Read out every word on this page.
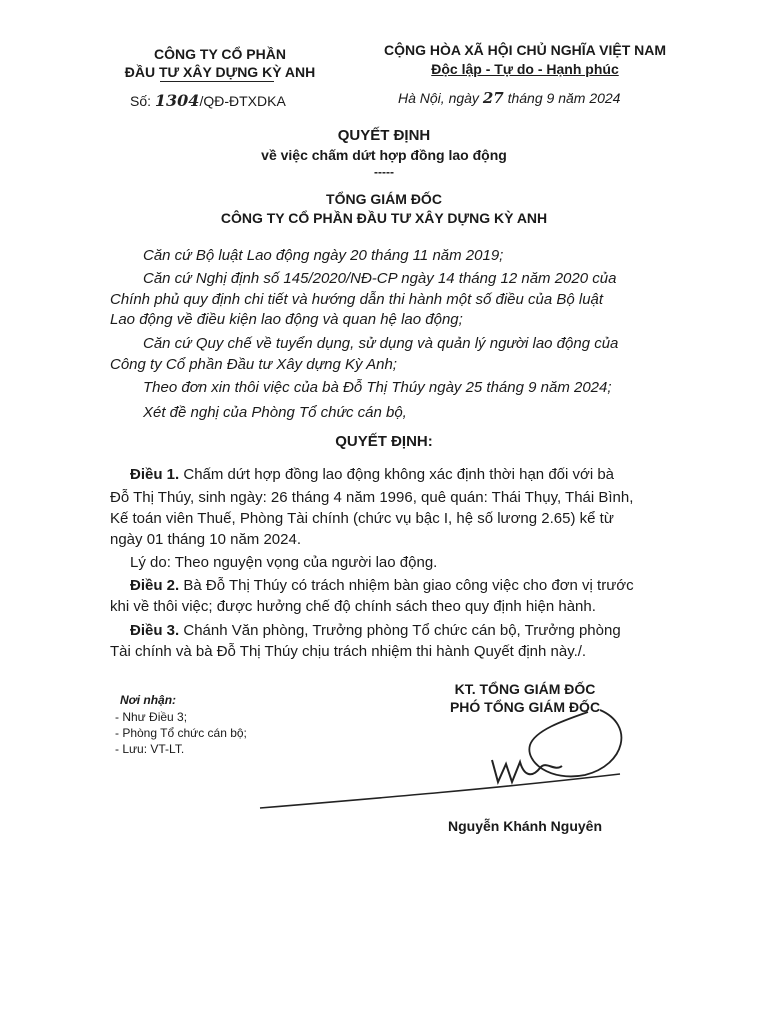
CÔNG TY CỔ PHẦN
ĐẦU TƯ XÂY DỰNG KỲ ANH
Số: 1304/QĐ-ĐTXDKA
CỘNG HÒA XÃ HỘI CHỦ NGHĨA VIỆT NAM
Độc lập - Tự do - Hạnh phúc
Hà Nội, ngày 27 tháng 9 năm 2024
QUYẾT ĐỊNH
về việc chấm dứt hợp đồng lao động
-----
TỔNG GIÁM ĐỐC
CÔNG TY CỔ PHẦN ĐẦU TƯ XÂY DỰNG KỲ ANH
Căn cứ Bộ luật Lao động ngày 20 tháng 11 năm 2019;
Căn cứ Nghị định số 145/2020/NĐ-CP ngày 14 tháng 12 năm 2020 của
Chính phủ quy định chi tiết và hướng dẫn thi hành một số điều của Bộ luật
Lao động về điều kiện lao động và quan hệ lao động;
Căn cứ Quy chế về tuyển dụng, sử dụng và quản lý người lao động của
Công ty Cổ phần Đầu tư Xây dựng Kỳ Anh;
Theo đơn xin thôi việc của bà Đỗ Thị Thúy ngày 25 tháng 9 năm 2024;
Xét đề nghị của Phòng Tổ chức cán bộ,
QUYẾT ĐỊNH:
Điều 1. Chấm dứt hợp đồng lao động không xác định thời hạn đối với bà
Đỗ Thị Thúy, sinh ngày: 26 tháng 4 năm 1996, quê quán: Thái Thụy, Thái Bình,
Kế toán viên Thuế, Phòng Tài chính (chức vụ bậc I, hệ số lương 2.65) kể từ
ngày 01 tháng 10 năm 2024.
Lý do: Theo nguyện vọng của người lao động.
Điều 2. Bà Đỗ Thị Thúy có trách nhiệm bàn giao công việc cho đơn vị trước
khi về thôi việc; được hưởng chế độ chính sách theo quy định hiện hành.
Điều 3. Chánh Văn phòng, Trưởng phòng Tổ chức cán bộ, Trưởng phòng
Tài chính và bà Đỗ Thị Thúy chịu trách nhiệm thi hành Quyết định này./.
Nơi nhận:
- Như Điều 3;
- Phòng Tổ chức cán bộ;
- Lưu: VT-LT.
KT. TỔNG GIÁM ĐỐC
PHÓ TỔNG GIÁM ĐỐC
Nguyễn Khánh Nguyên
